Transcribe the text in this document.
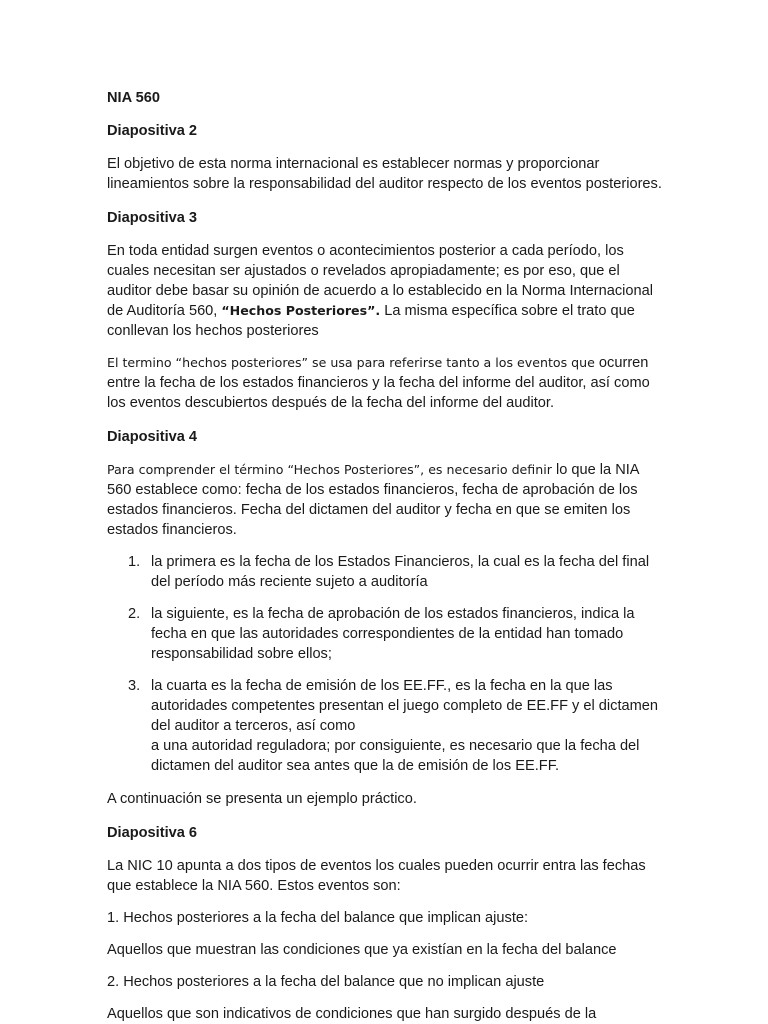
NIA 560

Diapositiva 2

El objetivo de esta norma internacional es establecer normas y proporcionar lineamientos sobre la responsabilidad del auditor respecto de los eventos posteriores.

Diapositiva 3

En toda entidad surgen eventos o acontecimientos posterior a cada período, los cuales necesitan ser ajustados o revelados apropiadamente; es por eso, que el auditor debe basar su opinión de acuerdo a lo establecido en la Norma Internacional de Auditoría 560, “Hechos Posteriores”. La misma específica sobre el trato que conllevan los hechos posteriores

El termino “hechos posteriores” se usa para referirse tanto a los eventos que ocurren entre la fecha de los estados financieros y la fecha del informe del auditor, así como los eventos descubiertos después de la fecha del informe del auditor.

Diapositiva 4

Para comprender el término “Hechos Posteriores”, es necesario definir lo que la NIA 560 establece como: fecha de los estados financieros, fecha de aprobación de los estados financieros. Fecha del dictamen del auditor y fecha en que se emiten los estados financieros.

1. la primera es la fecha de los Estados Financieros, la cual es la fecha del final del período más reciente sujeto a auditoría
2. la siguiente, es la fecha de aprobación de los estados financieros, indica la fecha en que las autoridades correspondientes de la entidad han tomado responsabilidad sobre ellos;
3. la cuarta es la fecha de emisión de los EE.FF., es la fecha en la que las autoridades competentes presentan el juego completo de EE.FF y el dictamen del auditor a terceros, así como
a una autoridad reguladora; por consiguiente, es necesario que la fecha del dictamen del auditor sea antes que la de emisión de los EE.FF.

A continuación se presenta un ejemplo práctico.

Diapositiva 6

La NIC 10 apunta a dos tipos de eventos los cuales pueden ocurrir entra las fechas que establece la NIA 560. Estos eventos son:

1. Hechos posteriores a la fecha del balance que implican ajuste:

Aquellos que muestran las condiciones que ya existían en la fecha del balance

2. Hechos posteriores a la fecha del balance que no implican ajuste

Aquellos que son indicativos de condiciones que han surgido después de la
